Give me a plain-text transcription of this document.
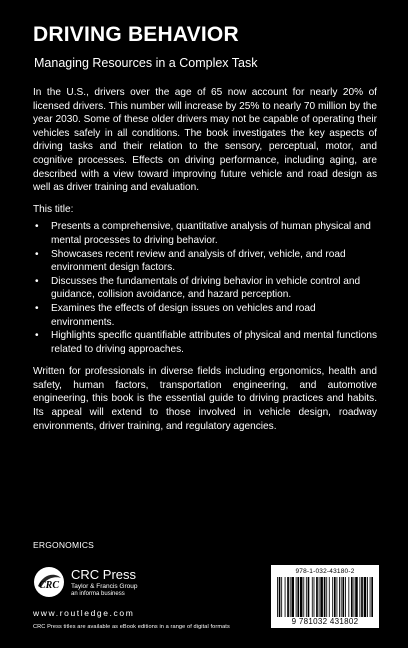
DRIVING BEHAVIOR
Managing Resources in a Complex Task

In the U.S., drivers over the age of 65 now account for nearly 20% of licensed drivers. This number will increase by 25% to nearly 70 million by the year 2030. Some of these older drivers may not be capable of operating their vehicles safely in all conditions. The book investigates the key aspects of driving tasks and their relation to the sensory, perceptual, motor, and cognitive processes. Effects on driving performance, including aging, are described with a view toward improving future vehicle and road design as well as driver training and evaluation.

This title:

• Presents a comprehensive, quantitative analysis of human physical and mental processes to driving behavior.
• Showcases recent review and analysis of driver, vehicle, and road environment design factors.
• Discusses the fundamentals of driving behavior in vehicle control and guidance, collision avoidance, and hazard perception.
• Examines the effects of design issues on vehicles and road environments.
• Highlights specific quantifiable attributes of physical and mental functions related to driving approaches.

Written for professionals in diverse fields including ergonomics, health and safety, human factors, transportation engineering, and automotive engineering, this book is the essential guide to driving practices and habits. Its appeal will extend to those involved in vehicle design, roadway environments, driver training, and regulatory agencies.

ERGONOMICS
CRC
CRC Press
Taylor & Francis Group
an informa business
www.routledge.com
CRC Press titles are available as eBook editions in a range of digital formats
978-1-032-43180-2
9 781032 431802
